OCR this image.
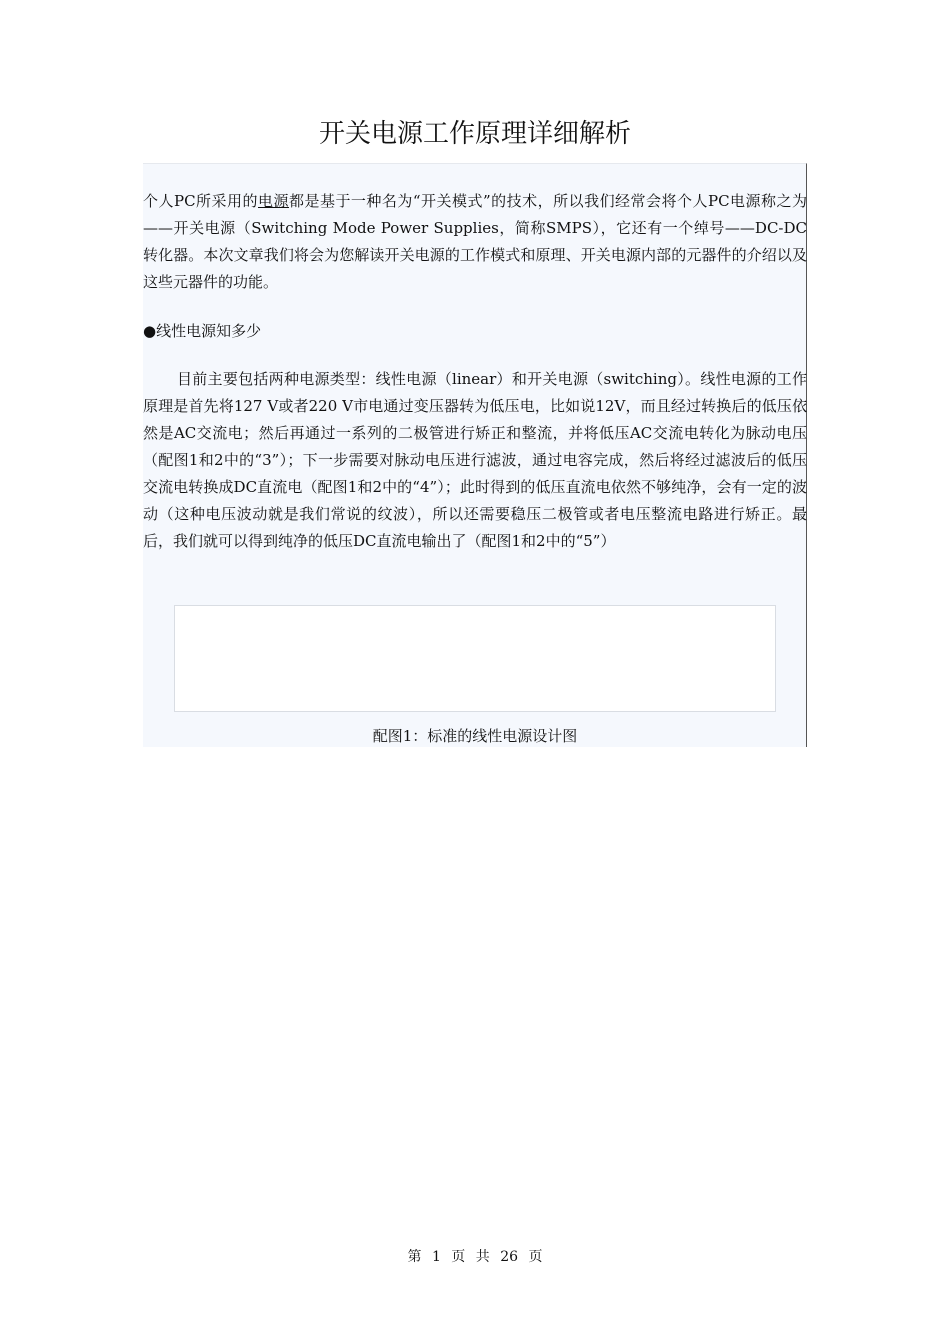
开关电源工作原理详细解析

个人PC所采用的电源都是基于一种名为“开关模式”的技术，所以我们经常会将个人PC电源称之为——开关电源（Switching Mode Power Supplies，简称SMPS），它还有一个绰号——DC-DC转化器。本次文章我们将会为您解读开关电源的工作模式和原理、开关电源内部的元器件的介绍以及这些元器件的功能。

●线性电源知多少

目前主要包括两种电源类型：线性电源（linear）和开关电源（switching）。线性电源的工作原理是首先将127 V或者220 V市电通过变压器转为低压电，比如说12V，而且经过转换后的低压依然是AC交流电；然后再通过一系列的二极管进行矫正和整流，并将低压AC交流电转化为脉动电压（配图1和2中的“3”）；下一步需要对脉动电压进行滤波，通过电容完成，然后将经过滤波后的低压交流电转换成DC直流电（配图1和2中的“4”）；此时得到的低压直流电依然不够纯净，会有一定的波动（这种电压波动就是我们常说的纹波），所以还需要稳压二极管或者电压整流电路进行矫正。最后，我们就可以得到纯净的低压DC直流电输出了（配图1和2中的“5”）

配图1：标准的线性电源设计图
第 1 页 共 26 页
